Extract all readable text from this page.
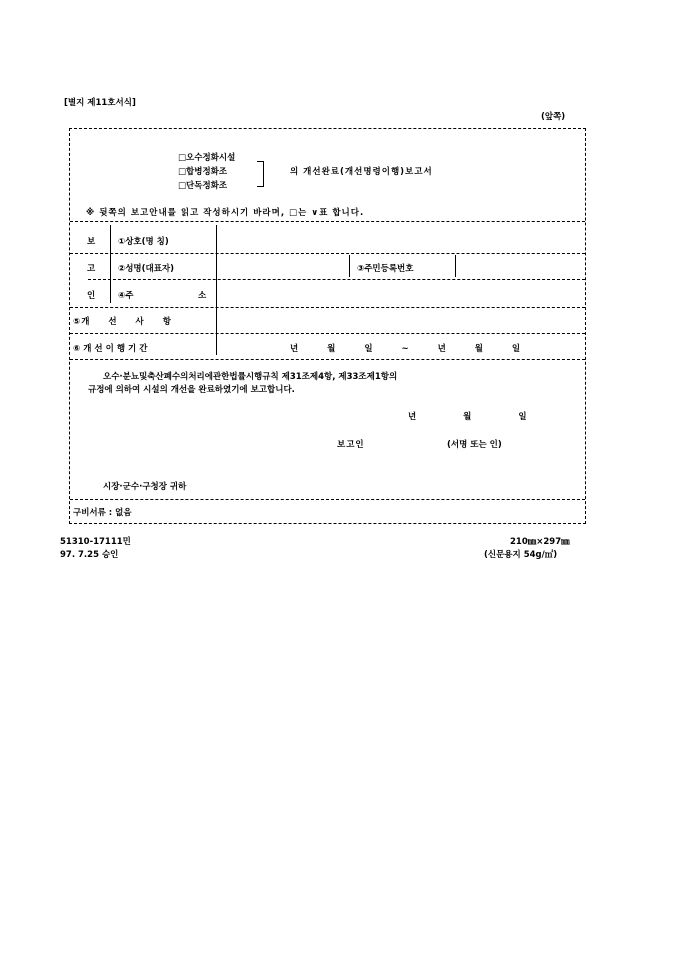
[별지 제11호서식]
(앞쪽)
□오수정화시설
□합병정화조
□단독정화조
의 개선완료(개선명령이행)보고서
※ 뒷쪽의 보고안내를 읽고 작성하시기 바라며, □는 ∨표 합니다.
보
고
인
①상호(명 칭)
②성명(대표자)	③주민등록번호
④주	소
⑤개 선 사 항
⑥개선이행기간	년 월 일 ~ 년 월 일
오수·분뇨및축산폐수의처리에관한법률시행규칙 제31조제4항, 제33조제1항의
규정에 의하여 시설의 개선을 완료하였기에 보고합니다.
년 월 일
보고인	(서명 또는 인)
시장·군수·구청장 귀하
구비서류 : 없음
51310-17111민
97. 7.25 승인
210㎜×297㎜
(신문용지 54g/㎡)
